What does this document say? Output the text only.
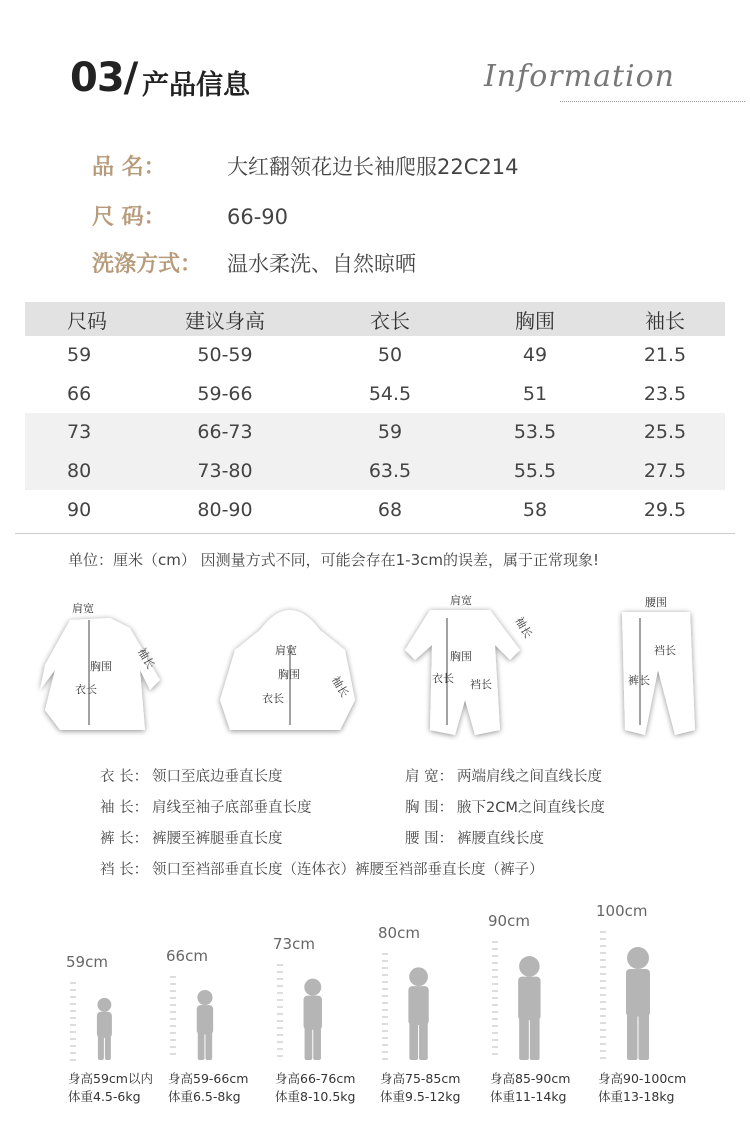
03/ 产品信息	Information
品 名：	大红翻领花边长袖爬服22C214
尺 码：	66-90
洗涤方式： 温水柔洗、自然晾晒
尺码	建议身高	衣长	胸围	袖长
59	50-59	50	49	21.5
66	59-66	54.5	51	23.5
73	66-73	59	53.5	25.5
80	73-80	63.5	55.5	27.5
90	80-90	68	58	29.5
单位：厘米（cm） 因测量方式不同，可能会存在1-3cm的误差，属于正常现象!
肩宽
胸围
衣长
袖长	肩宽
胸围
衣长	袖长
肩宽
胸围
衣长 裆长
袖长
腰围
裆长
裤长
衣 长： 领口至底边垂直长度	肩 宽： 两端肩线之间直线长度
袖 长： 肩线至袖子底部垂直长度	胸 围： 腋下2CM之间直线长度
裤 长： 裤腰至裤腿垂直长度	腰 围： 裤腰直线长度
裆 长： 领口至裆部垂直长度（连体衣）裤腰至裆部垂直长度（裤子）
59cm
身高59cm以内
体重4.5-6kg
66cm
身高59-66cm
体重6.5-8kg
73cm
身高66-76cm
体重8-10.5kg
80cm
身高75-85cm
体重9.5-12kg
90cm
身高85-90cm
体重11-14kg
100cm
身高90-100cm
体重13-18kg
